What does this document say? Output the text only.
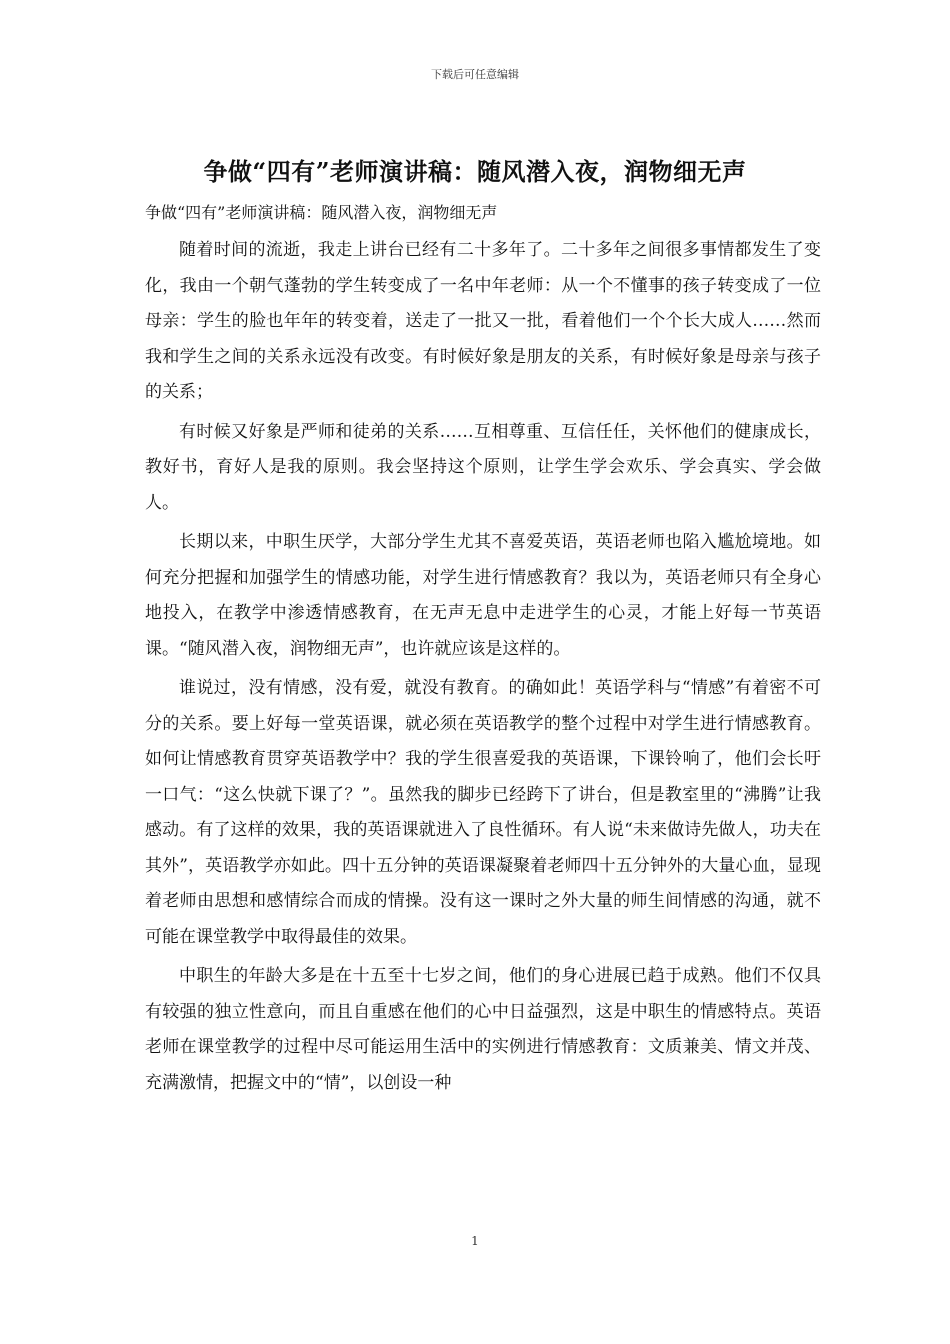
下载后可任意编辑
争做“四有”老师演讲稿：随风潜入夜，润物细无声

争做“四有”老师演讲稿：随风潜入夜，润物细无声

随着时间的流逝，我走上讲台已经有二十多年了。二十多年之间很多事情都发生了变化，我由一个朝气蓬勃的学生转变成了一名中年老师：从一个不懂事的孩子转变成了一位母亲：学生的脸也年年的转变着，送走了一批又一批，看着他们一个个长大成人……然而我和学生之间的关系永远没有改变。有时候好象是朋友的关系，有时候好象是母亲与孩子的关系；

有时候又好象是严师和徒弟的关系……互相尊重、互信任任，关怀他们的健康成长，教好书，育好人是我的原则。我会坚持这个原则，让学生学会欢乐、学会真实、学会做人。

长期以来，中职生厌学，大部分学生尤其不喜爱英语，英语老师也陷入尴尬境地。如何充分把握和加强学生的情感功能，对学生进行情感教育？我以为，英语老师只有全身心地投入，在教学中渗透情感教育，在无声无息中走进学生的心灵，才能上好每一节英语课。“随风潜入夜，润物细无声”，也许就应该是这样的。

谁说过，没有情感，没有爱，就没有教育。的确如此！英语学科与“情感”有着密不可分的关系。要上好每一堂英语课，就必须在英语教学的整个过程中对学生进行情感教育。如何让情感教育贯穿英语教学中？我的学生很喜爱我的英语课，下课铃响了，他们会长吁一口气：“这么快就下课了？”。虽然我的脚步已经跨下了讲台，但是教室里的“沸腾”让我感动。有了这样的效果，我的英语课就进入了良性循环。有人说“未来做诗先做人，功夫在其外”，英语教学亦如此。四十五分钟的英语课凝聚着老师四十五分钟外的大量心血，显现着老师由思想和感情综合而成的情操。没有这一课时之外大量的师生间情感的沟通，就不可能在课堂教学中取得最佳的效果。

中职生的年龄大多是在十五至十七岁之间，他们的身心进展已趋于成熟。他们不仅具有较强的独立性意向，而且自重感在他们的心中日益强烈，这是中职生的情感特点。英语老师在课堂教学的过程中尽可能运用生活中的实例进行情感教育：文质兼美、情文并茂、充满激情，把握文中的“情”，以创设一种

1
